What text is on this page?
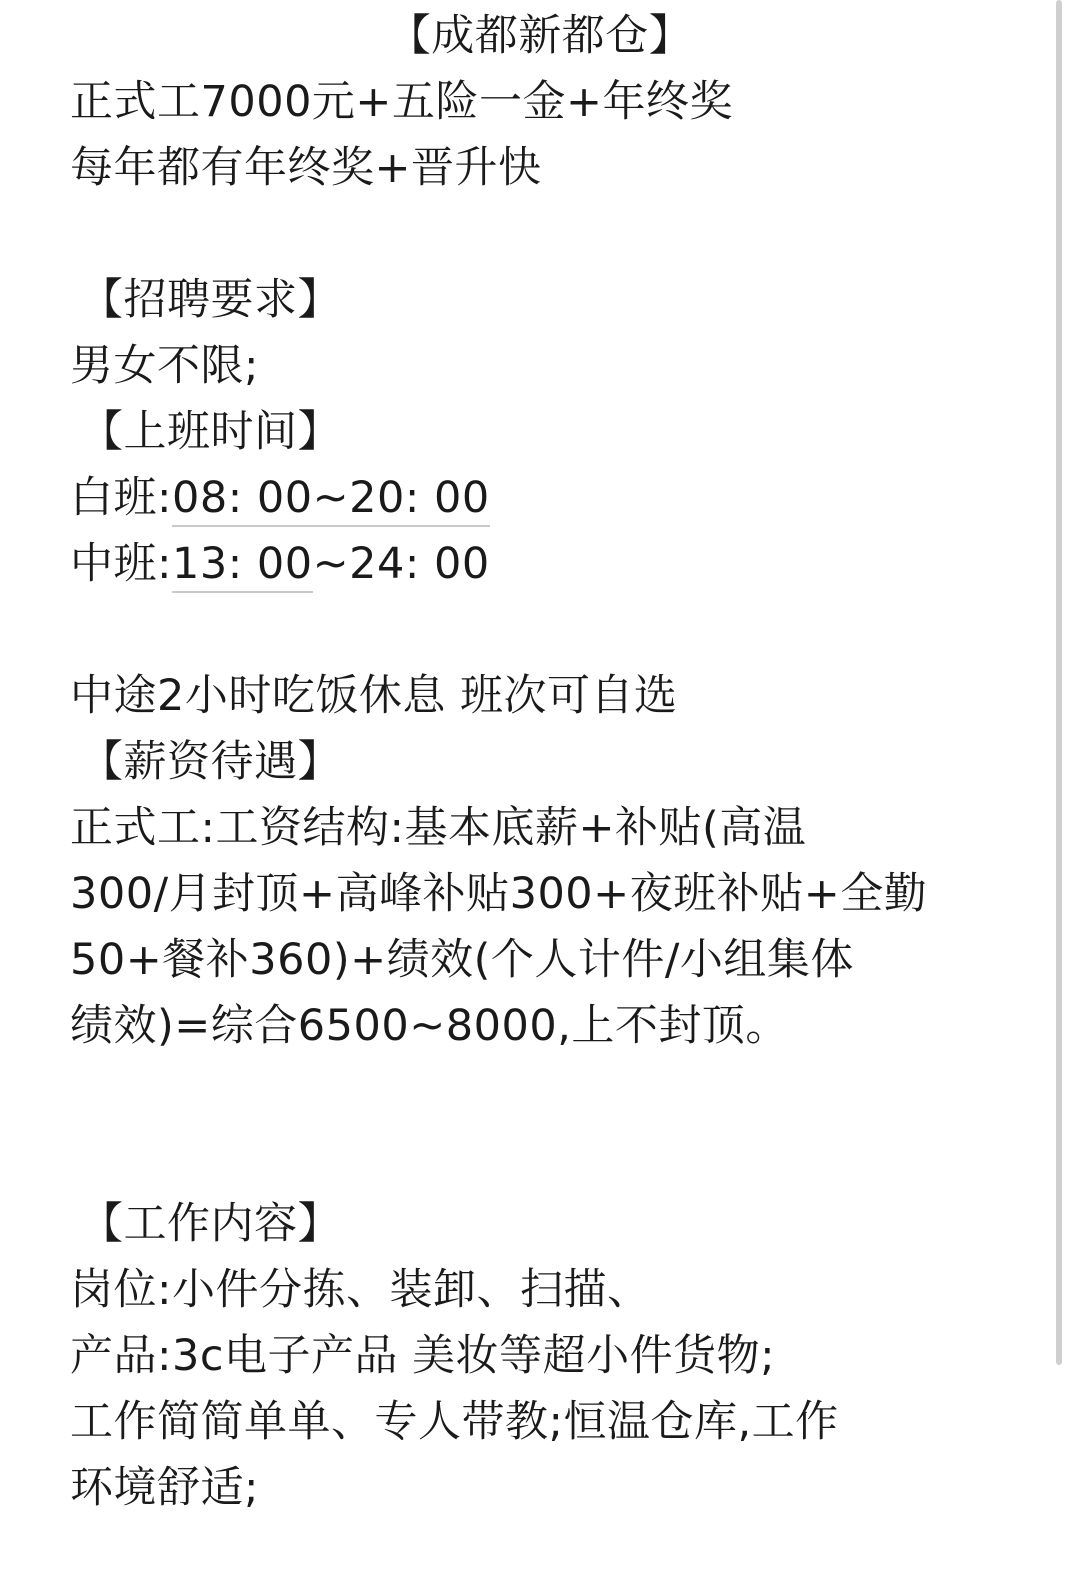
【成都新都仓】
正式工7000元+五险一金+年终奖
每年都有年终奖+晋升快
【招聘要求】
男女不限;
【上班时间】
白班:08: 00~20: 00
中班:13: 00~24: 00
中途2小时吃饭休息 班次可自选
【薪资待遇】
正式工:工资结构:基本底薪+补贴(高温
300/月封顶+高峰补贴300+夜班补贴+全勤
50+餐补360)+绩效(个人计件/小组集体
绩效)=综合6500~8000,上不封顶。
【工作内容】
岗位:小件分拣、装卸、扫描、
产品:3c电子产品 美妆等超小件货物;
工作简简单单、专人带教;恒温仓库,工作
环境舒适;
